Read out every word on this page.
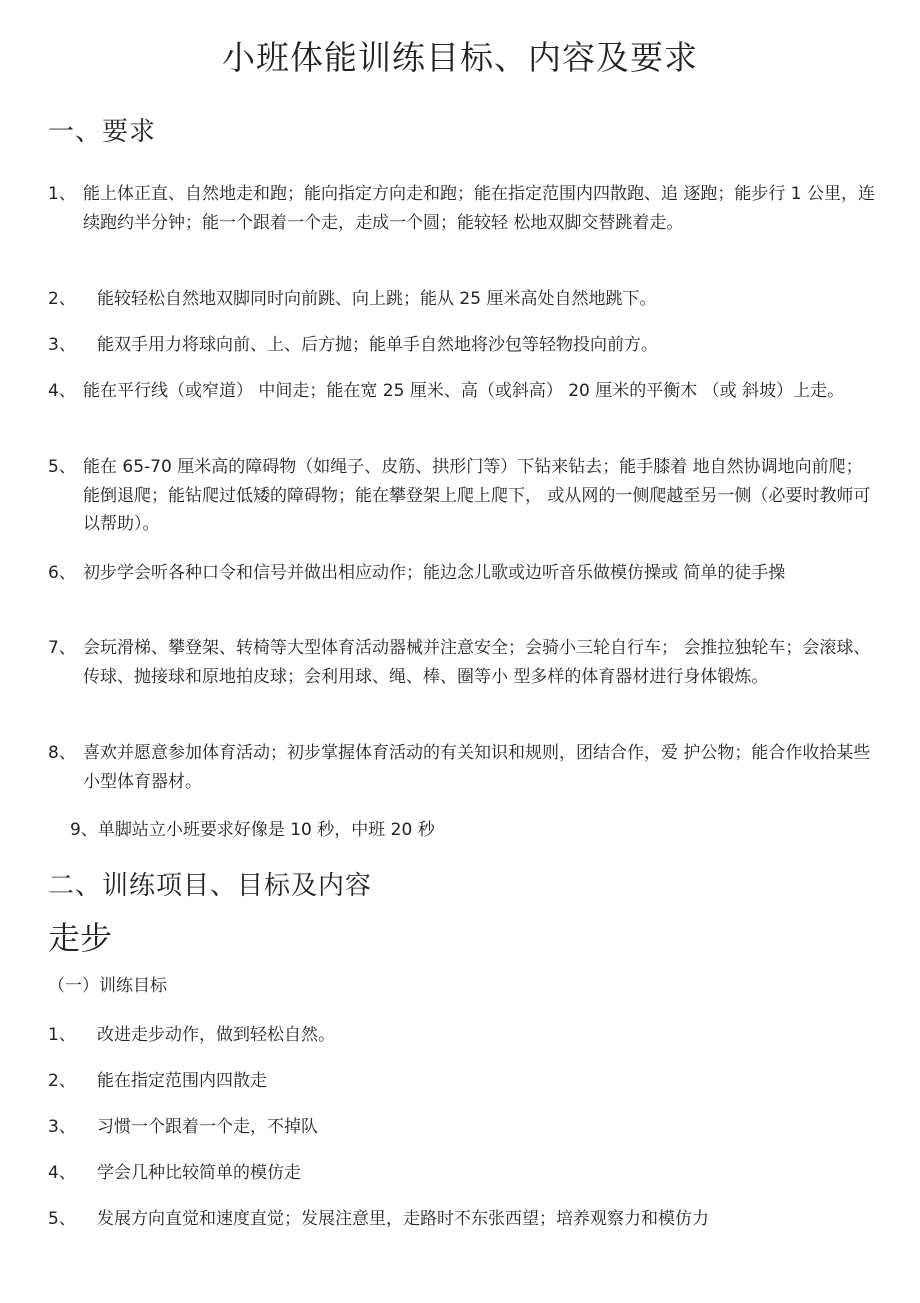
小班体能训练目标、内容及要求
一、要求
1、 能上体正直、自然地走和跑；能向指定方向走和跑；能在指定范围内四散跑、追 逐跑；能步行 1 公里，连续跑约半分钟；能一个跟着一个走，走成一个圆；能较轻 松地双脚交替跳着走。
2、	能较轻松自然地双脚同时向前跳、向上跳；能从 25 厘米高处自然地跳下。
3、	能双手用力将球向前、上、后方抛；能单手自然地将沙包等轻物投向前方。
4、 能在平行线（或窄道） 中间走；能在宽 25 厘米、高（或斜高） 20 厘米的平衡木 （或 斜坡）上走。
5、 能在 65-70 厘米高的障碍物（如绳子、皮筋、拱形门等）下钻来钻去；能手膝着 地自然协调地向前爬；能倒退爬；能钻爬过低矮的障碍物；能在攀登架上爬上爬下， 或从网的一侧爬越至另一侧（必要时教师可以帮助）。
6、 初步学会听各种口令和信号并做出相应动作；能边念儿歌或边听音乐做模仿操或 简单的徒手操
7、 会玩滑梯、攀登架、转椅等大型体育活动器械并注意安全；会骑小三轮自行车； 会推拉独轮车；会滚球、传球、抛接球和原地拍皮球；会利用球、绳、棒、圈等小 型多样的体育器材进行身体锻炼。
8、 喜欢并愿意参加体育活动；初步掌握体育活动的有关知识和规则，团结合作，爱 护公物；能合作收拾某些小型体育器材。
9、单脚站立小班要求好像是 10 秒，中班 20 秒
二、训练项目、目标及内容
走步

（一）训练目标

1、	改进走步动作，做到轻松自然。
2、	能在指定范围内四散走
3、	习惯一个跟着一个走，不掉队
4、	学会几种比较简单的模仿走
5、	发展方向直觉和速度直觉；发展注意里，走路时不东张西望；培养观察力和模仿力
